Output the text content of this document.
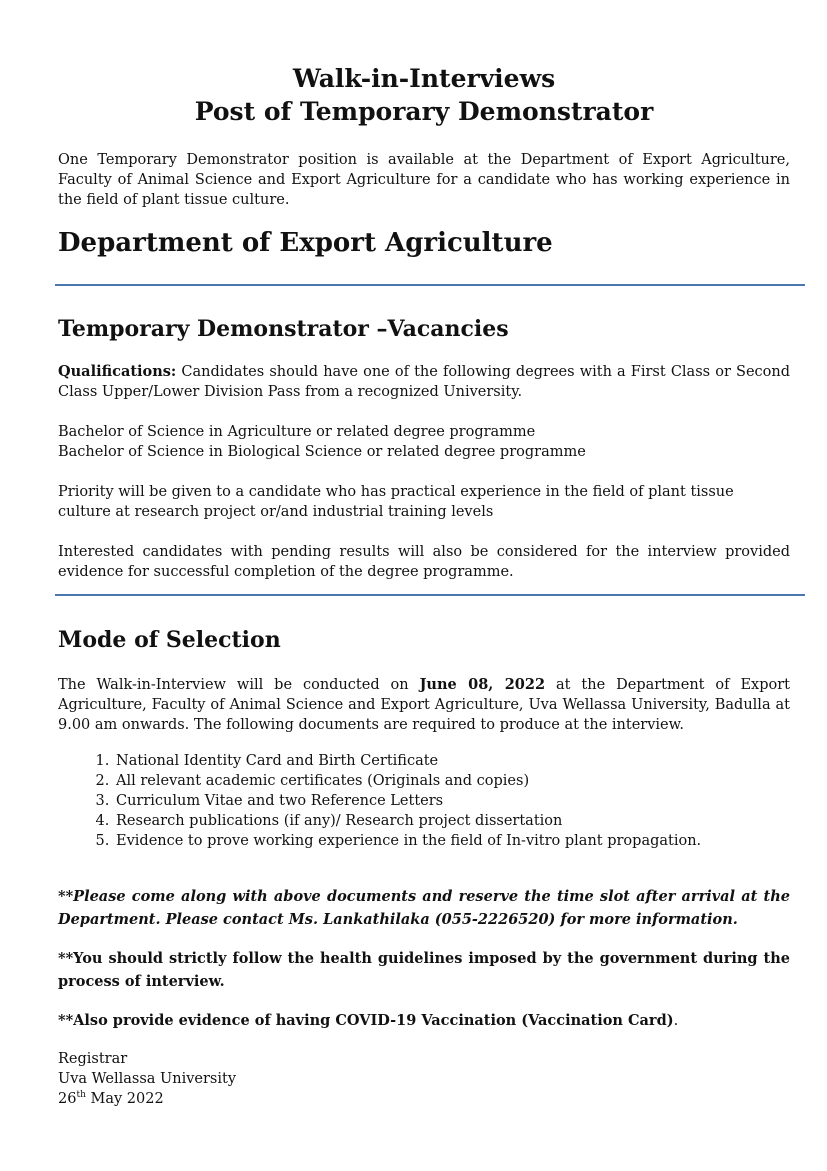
Walk-in-Interviews
Post of Temporary Demonstrator

One Temporary Demonstrator position is available at the Department of Export Agriculture, Faculty of Animal Science and Export Agriculture for a candidate who has working experience in the field of plant tissue culture.

Department of Export Agriculture
Temporary Demonstrator –Vacancies

Qualifications: Candidates should have one of the following degrees with a First Class or Second Class Upper/Lower Division Pass from a recognized University.

Bachelor of Science in Agriculture or related degree programme

Bachelor of Science in Biological Science or related degree programme

Priority will be given to a candidate who has practical experience in the field of plant tissue culture at research project or/and industrial training levels

Interested candidates with pending results will also be considered for the interview provided evidence for successful completion of the degree programme.

Mode of Selection

The Walk-in-Interview will be conducted on June 08, 2022 at the Department of Export Agriculture, Faculty of Animal Science and Export Agriculture, Uva Wellassa University, Badulla at 9.00 am onwards. The following documents are required to produce at the interview.

1. National Identity Card and Birth Certificate
2. All relevant academic certificates (Originals and copies)
3. Curriculum Vitae and two Reference Letters
4. Research publications (if any)/ Research project dissertation
5. Evidence to prove working experience in the field of In-vitro plant propagation.

**Please come along with above documents and reserve the time slot after arrival at the Department. Please contact Ms. Lankathilaka (055-2226520) for more information.

**You should strictly follow the health guidelines imposed by the government during the process of interview.

**Also provide evidence of having COVID-19 Vaccination (Vaccination Card).

Registrar

Uva Wellassa University

26th May 2022
